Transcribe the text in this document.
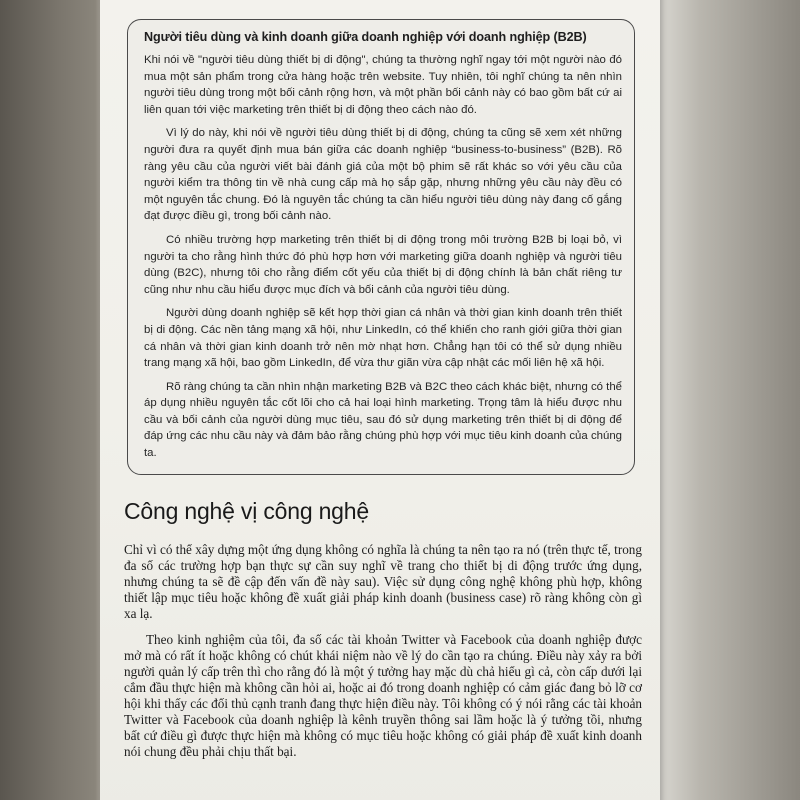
Người tiêu dùng và kinh doanh giữa doanh nghiệp với doanh nghiệp (B2B)

Khi nói về "người tiêu dùng thiết bị di động", chúng ta thường nghĩ ngay tới một người nào đó mua một sản phẩm trong cửa hàng hoặc trên website. Tuy nhiên, tôi nghĩ chúng ta nên nhìn người tiêu dùng trong một bối cảnh rộng hơn, và một phần bối cảnh này có bao gồm bất cứ ai liên quan tới việc marketing trên thiết bị di động theo cách nào đó.

Vì lý do này, khi nói về người tiêu dùng thiết bị di động, chúng ta cũng sẽ xem xét những người đưa ra quyết định mua bán giữa các doanh nghiệp “business-to-business” (B2B). Rõ ràng yêu cầu của người viết bài đánh giá của một bộ phim sẽ rất khác so với yêu cầu của người kiểm tra thông tin về nhà cung cấp mà họ sắp gặp, nhưng những yêu cầu này đều có một nguyên tắc chung. Đó là nguyên tắc chúng ta cần hiểu người tiêu dùng này đang cố gắng đạt được điều gì, trong bối cảnh nào.

Có nhiều trường hợp marketing trên thiết bị di động trong môi trường B2B bị loại bỏ, vì người ta cho rằng hình thức đó phù hợp hơn với marketing giữa doanh nghiệp và người tiêu dùng (B2C), nhưng tôi cho rằng điểm cốt yếu của thiết bị di động chính là bản chất riêng tư cũng như nhu cầu hiểu được mục đích và bối cảnh của người tiêu dùng.

Người dùng doanh nghiệp sẽ kết hợp thời gian cá nhân và thời gian kinh doanh trên thiết bị di động. Các nền tảng mạng xã hội, như LinkedIn, có thể khiến cho ranh giới giữa thời gian cá nhân và thời gian kinh doanh trở nên mờ nhạt hơn. Chẳng hạn tôi có thể sử dụng nhiều trang mạng xã hội, bao gồm LinkedIn, để vừa thư giãn vừa cập nhật các mối liên hệ xã hội.

Rõ ràng chúng ta cần nhìn nhận marketing B2B và B2C theo cách khác biệt, nhưng có thể áp dụng nhiều nguyên tắc cốt lõi cho cả hai loại hình marketing. Trọng tâm là hiểu được nhu cầu và bối cảnh của người dùng mục tiêu, sau đó sử dụng marketing trên thiết bị di động để đáp ứng các nhu cầu này và đảm bảo rằng chúng phù hợp với mục tiêu kinh doanh của chúng ta.

Công nghệ vị công nghệ

Chỉ vì có thể xây dựng một ứng dụng không có nghĩa là chúng ta nên tạo ra nó (trên thực tế, trong đa số các trường hợp bạn thực sự cần suy nghĩ về trang cho thiết bị di động trước ứng dụng, nhưng chúng ta sẽ đề cập đến vấn đề này sau). Việc sử dụng công nghệ không phù hợp, không thiết lập mục tiêu hoặc không đề xuất giải pháp kinh doanh (business case) rõ ràng không còn gì xa lạ.

Theo kinh nghiệm của tôi, đa số các tài khoản Twitter và Facebook của doanh nghiệp được mở mà có rất ít hoặc không có chút khái niệm nào về lý do cần tạo ra chúng. Điều này xảy ra bởi người quản lý cấp trên thì cho rằng đó là một ý tưởng hay mặc dù chả hiểu gì cả, còn cấp dưới lại cắm đầu thực hiện mà không cần hỏi ai, hoặc ai đó trong doanh nghiệp có cảm giác đang bỏ lỡ cơ hội khi thấy các đối thủ cạnh tranh đang thực hiện điều này. Tôi không có ý nói rằng các tài khoản Twitter và Facebook của doanh nghiệp là kênh truyền thông sai lầm hoặc là ý tưởng tồi, nhưng bất cứ điều gì được thực hiện mà không có mục tiêu hoặc không có giải pháp đề xuất kinh doanh nói chung đều phải chịu thất bại.
